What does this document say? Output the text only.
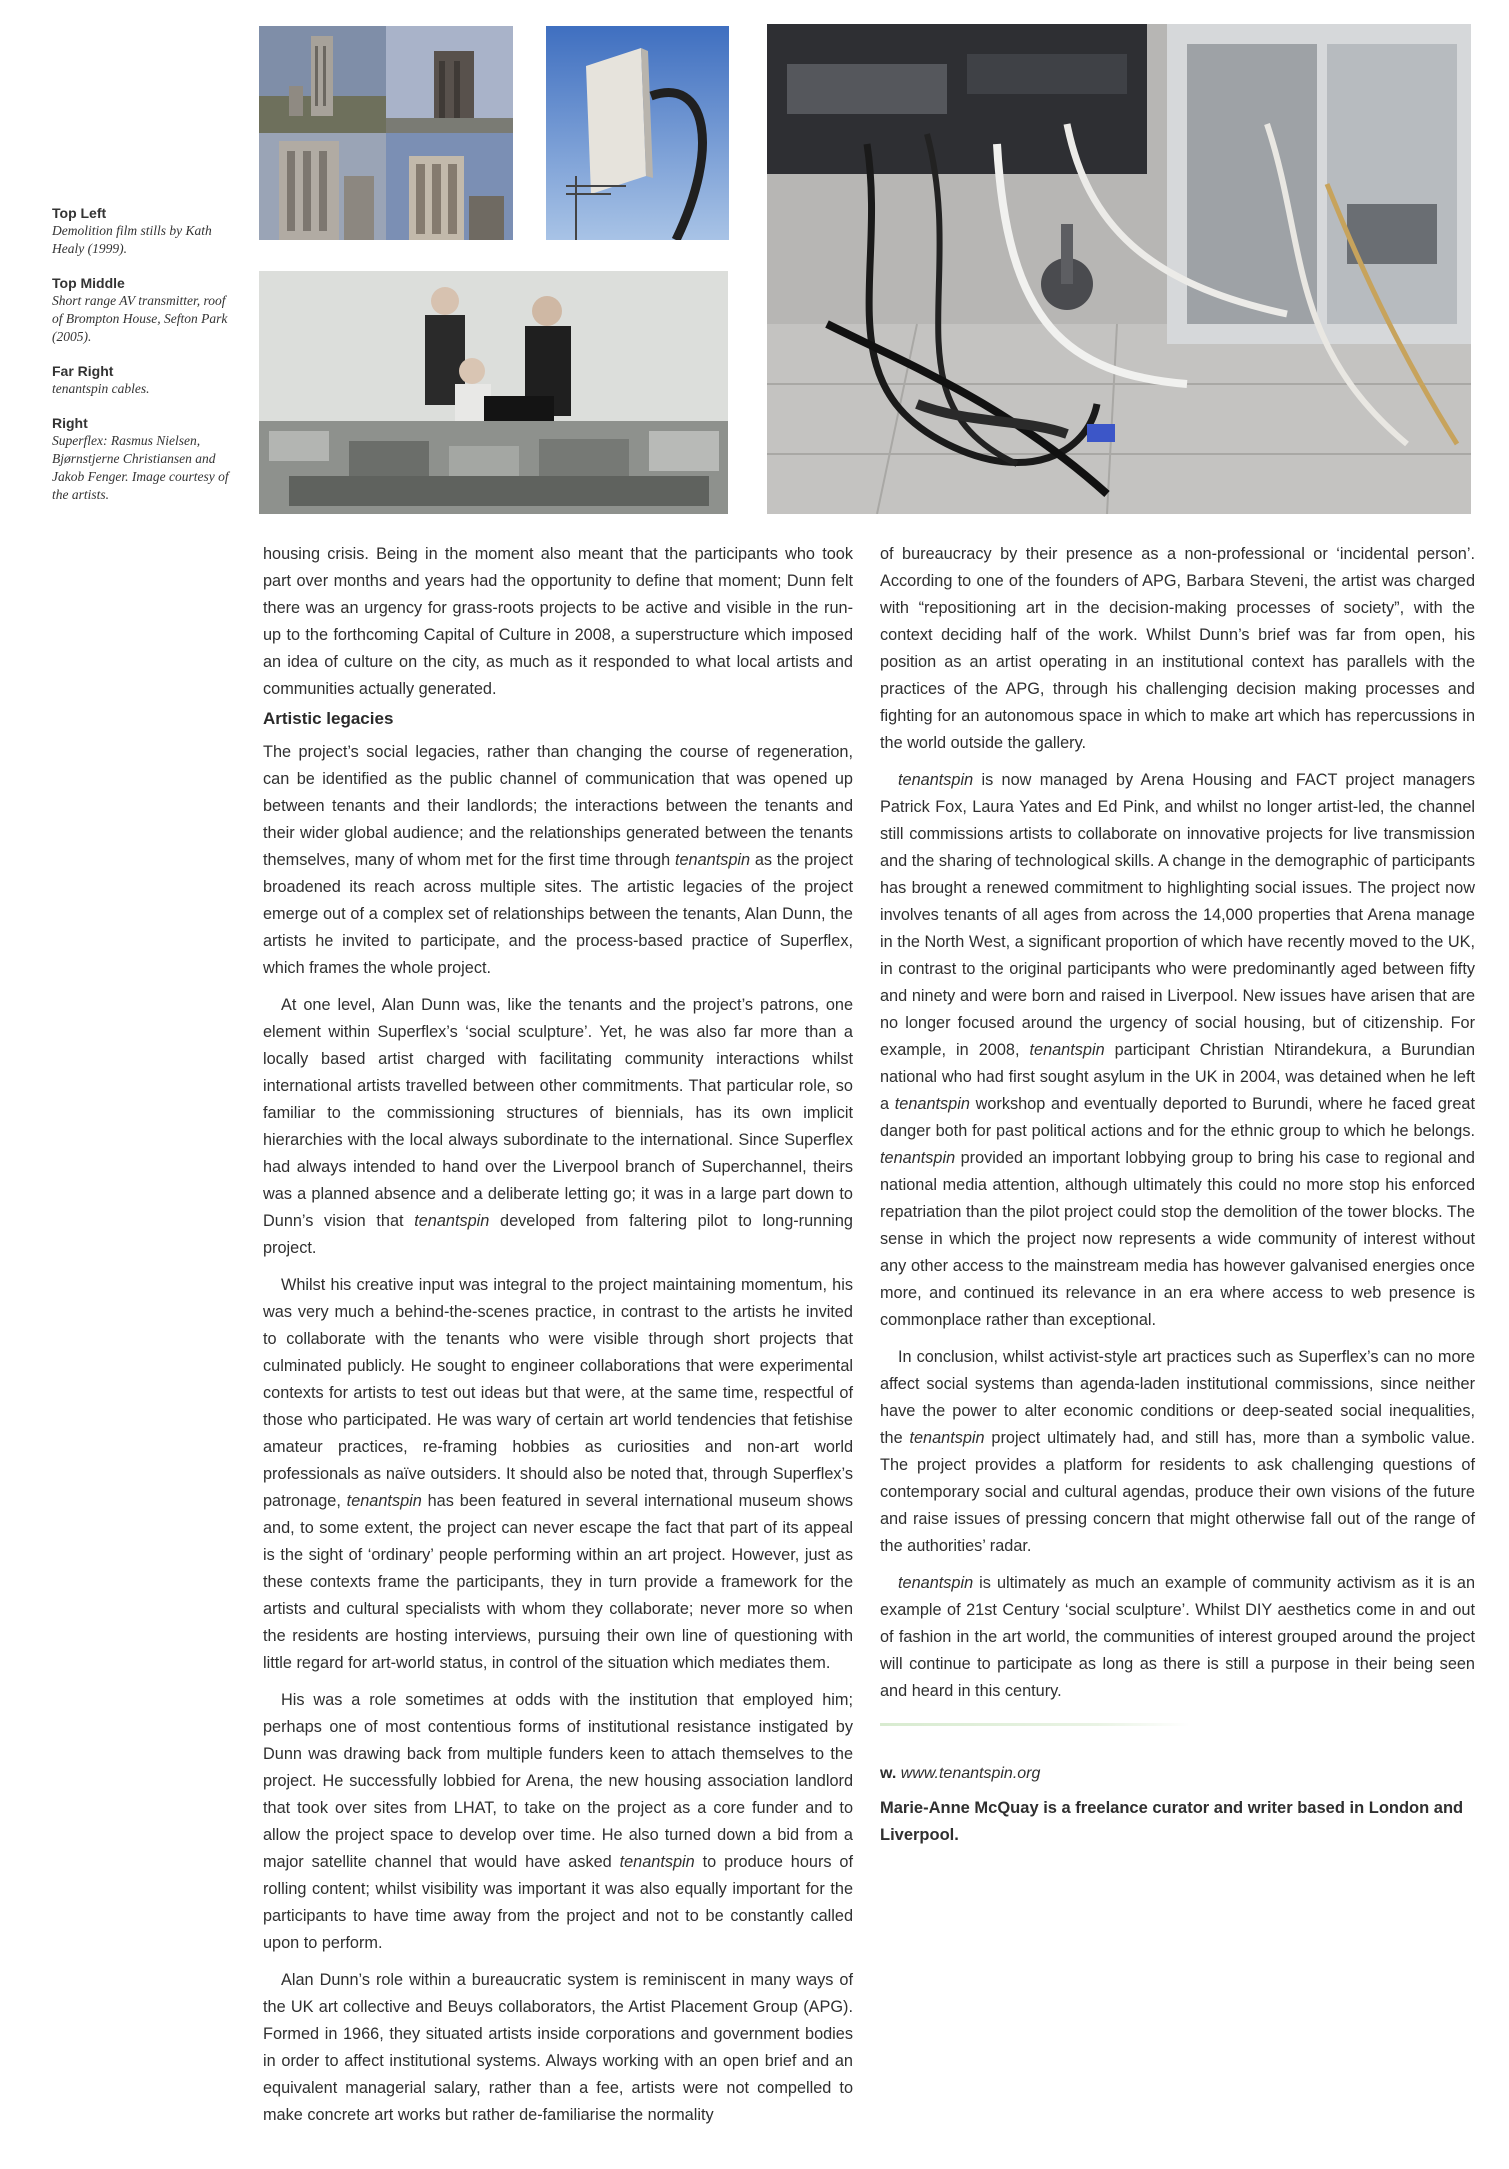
Top Left
Demolition film stills by Kath Healy (1999).
Top Middle
Short range AV transmitter, roof of Brompton House, Sefton Park (2005).
Far Right
tenantspin cables.
Right
Superflex: Rasmus Nielsen, Bjørnstjerne Christiansen and Jakob Fenger. Image courtesy of the artists.

housing crisis. Being in the moment also meant that the participants who took part over months and years had the opportunity to define that moment; Dunn felt there was an urgency for grass-roots projects to be active and visible in the run-up to the forthcoming Capital of Culture in 2008, a superstructure which imposed an idea of culture on the city, as much as it responded to what local artists and communities actually generated.

Artistic legacies

The project’s social legacies, rather than changing the course of regeneration, can be identified as the public channel of communication that was opened up between tenants and their landlords; the interactions between the tenants and their wider global audience; and the relationships generated between the tenants themselves, many of whom met for the first time through tenantspin as the project broadened its reach across multiple sites. The artistic legacies of the project emerge out of a complex set of relationships between the tenants, Alan Dunn, the artists he invited to participate, and the process-based practice of Superflex, which frames the whole project.

At one level, Alan Dunn was, like the tenants and the project’s patrons, one element within Superflex’s ‘social sculpture’. Yet, he was also far more than a locally based artist charged with facilitating community interactions whilst international artists travelled between other commitments. That particular role, so familiar to the commissioning structures of biennials, has its own implicit hierarchies with the local always subordinate to the international. Since Superflex had always intended to hand over the Liverpool branch of Superchannel, theirs was a planned absence and a deliberate letting go; it was in a large part down to Dunn’s vision that tenantspin developed from faltering pilot to long-running project.

Whilst his creative input was integral to the project maintaining momentum, his was very much a behind-the-scenes practice, in contrast to the artists he invited to collaborate with the tenants who were visible through short projects that culminated publicly. He sought to engineer collaborations that were experimental contexts for artists to test out ideas but that were, at the same time, respectful of those who participated. He was wary of certain art world tendencies that fetishise amateur practices, re-framing hobbies as curiosities and non-art world professionals as naïve outsiders. It should also be noted that, through Superflex’s patronage, tenantspin has been featured in several international museum shows and, to some extent, the project can never escape the fact that part of its appeal is the sight of ‘ordinary’ people performing within an art project. However, just as these contexts frame the participants, they in turn provide a framework for the artists and cultural specialists with whom they collaborate; never more so when the residents are hosting interviews, pursuing their own line of questioning with little regard for art-world status, in control of the situation which mediates them.

His was a role sometimes at odds with the institution that employed him; perhaps one of most contentious forms of institutional resistance instigated by Dunn was drawing back from multiple funders keen to attach themselves to the project. He successfully lobbied for Arena, the new housing association landlord that took over sites from LHAT, to take on the project as a core funder and to allow the project space to develop over time. He also turned down a bid from a major satellite channel that would have asked tenantspin to produce hours of rolling content; whilst visibility was important it was also equally important for the participants to have time away from the project and not to be constantly called upon to perform.

Alan Dunn’s role within a bureaucratic system is reminiscent in many ways of the UK art collective and Beuys collaborators, the Artist Placement Group (APG). Formed in 1966, they situated artists inside corporations and government bodies in order to affect institutional systems. Always working with an open brief and an equivalent managerial salary, rather than a fee, artists were not compelled to make concrete art works but rather de-familiarise the normality

of bureaucracy by their presence as a non-professional or ‘incidental person’. According to one of the founders of APG, Barbara Steveni, the artist was charged with “repositioning art in the decision-making processes of society”, with the context deciding half of the work. Whilst Dunn’s brief was far from open, his position as an artist operating in an institutional context has parallels with the practices of the APG, through his challenging decision making processes and fighting for an autonomous space in which to make art which has repercussions in the world outside the gallery.

tenantspin is now managed by Arena Housing and FACT project managers Patrick Fox, Laura Yates and Ed Pink, and whilst no longer artist-led, the channel still commissions artists to collaborate on innovative projects for live transmission and the sharing of technological skills. A change in the demographic of participants has brought a renewed commitment to highlighting social issues. The project now involves tenants of all ages from across the 14,000 properties that Arena manage in the North West, a significant proportion of which have recently moved to the UK, in contrast to the original participants who were predominantly aged between fifty and ninety and were born and raised in Liverpool. New issues have arisen that are no longer focused around the urgency of social housing, but of citizenship. For example, in 2008, tenantspin participant Christian Ntirandekura, a Burundian national who had first sought asylum in the UK in 2004, was detained when he left a tenantspin workshop and eventually deported to Burundi, where he faced great danger both for past political actions and for the ethnic group to which he belongs. tenantspin provided an important lobbying group to bring his case to regional and national media attention, although ultimately this could no more stop his enforced repatriation than the pilot project could stop the demolition of the tower blocks. The sense in which the project now represents a wide community of interest without any other access to the mainstream media has however galvanised energies once more, and continued its relevance in an era where access to web presence is commonplace rather than exceptional.

In conclusion, whilst activist-style art practices such as Superflex’s can no more affect social systems than agenda-laden institutional commissions, since neither have the power to alter economic conditions or deep-seated social inequalities, the tenantspin project ultimately had, and still has, more than a symbolic value. The project provides a platform for residents to ask challenging questions of contemporary social and cultural agendas, produce their own visions of the future and raise issues of pressing concern that might otherwise fall out of the range of the authorities’ radar.

tenantspin is ultimately as much an example of community activism as it is an example of 21st Century ‘social sculpture’. Whilst DIY aesthetics come in and out of fashion in the art world, the communities of interest grouped around the project will continue to participate as long as there is still a purpose in their being seen and heard in this century.

w. www.tenantspin.org

Marie-Anne McQuay is a freelance curator and writer based in London and Liverpool.
